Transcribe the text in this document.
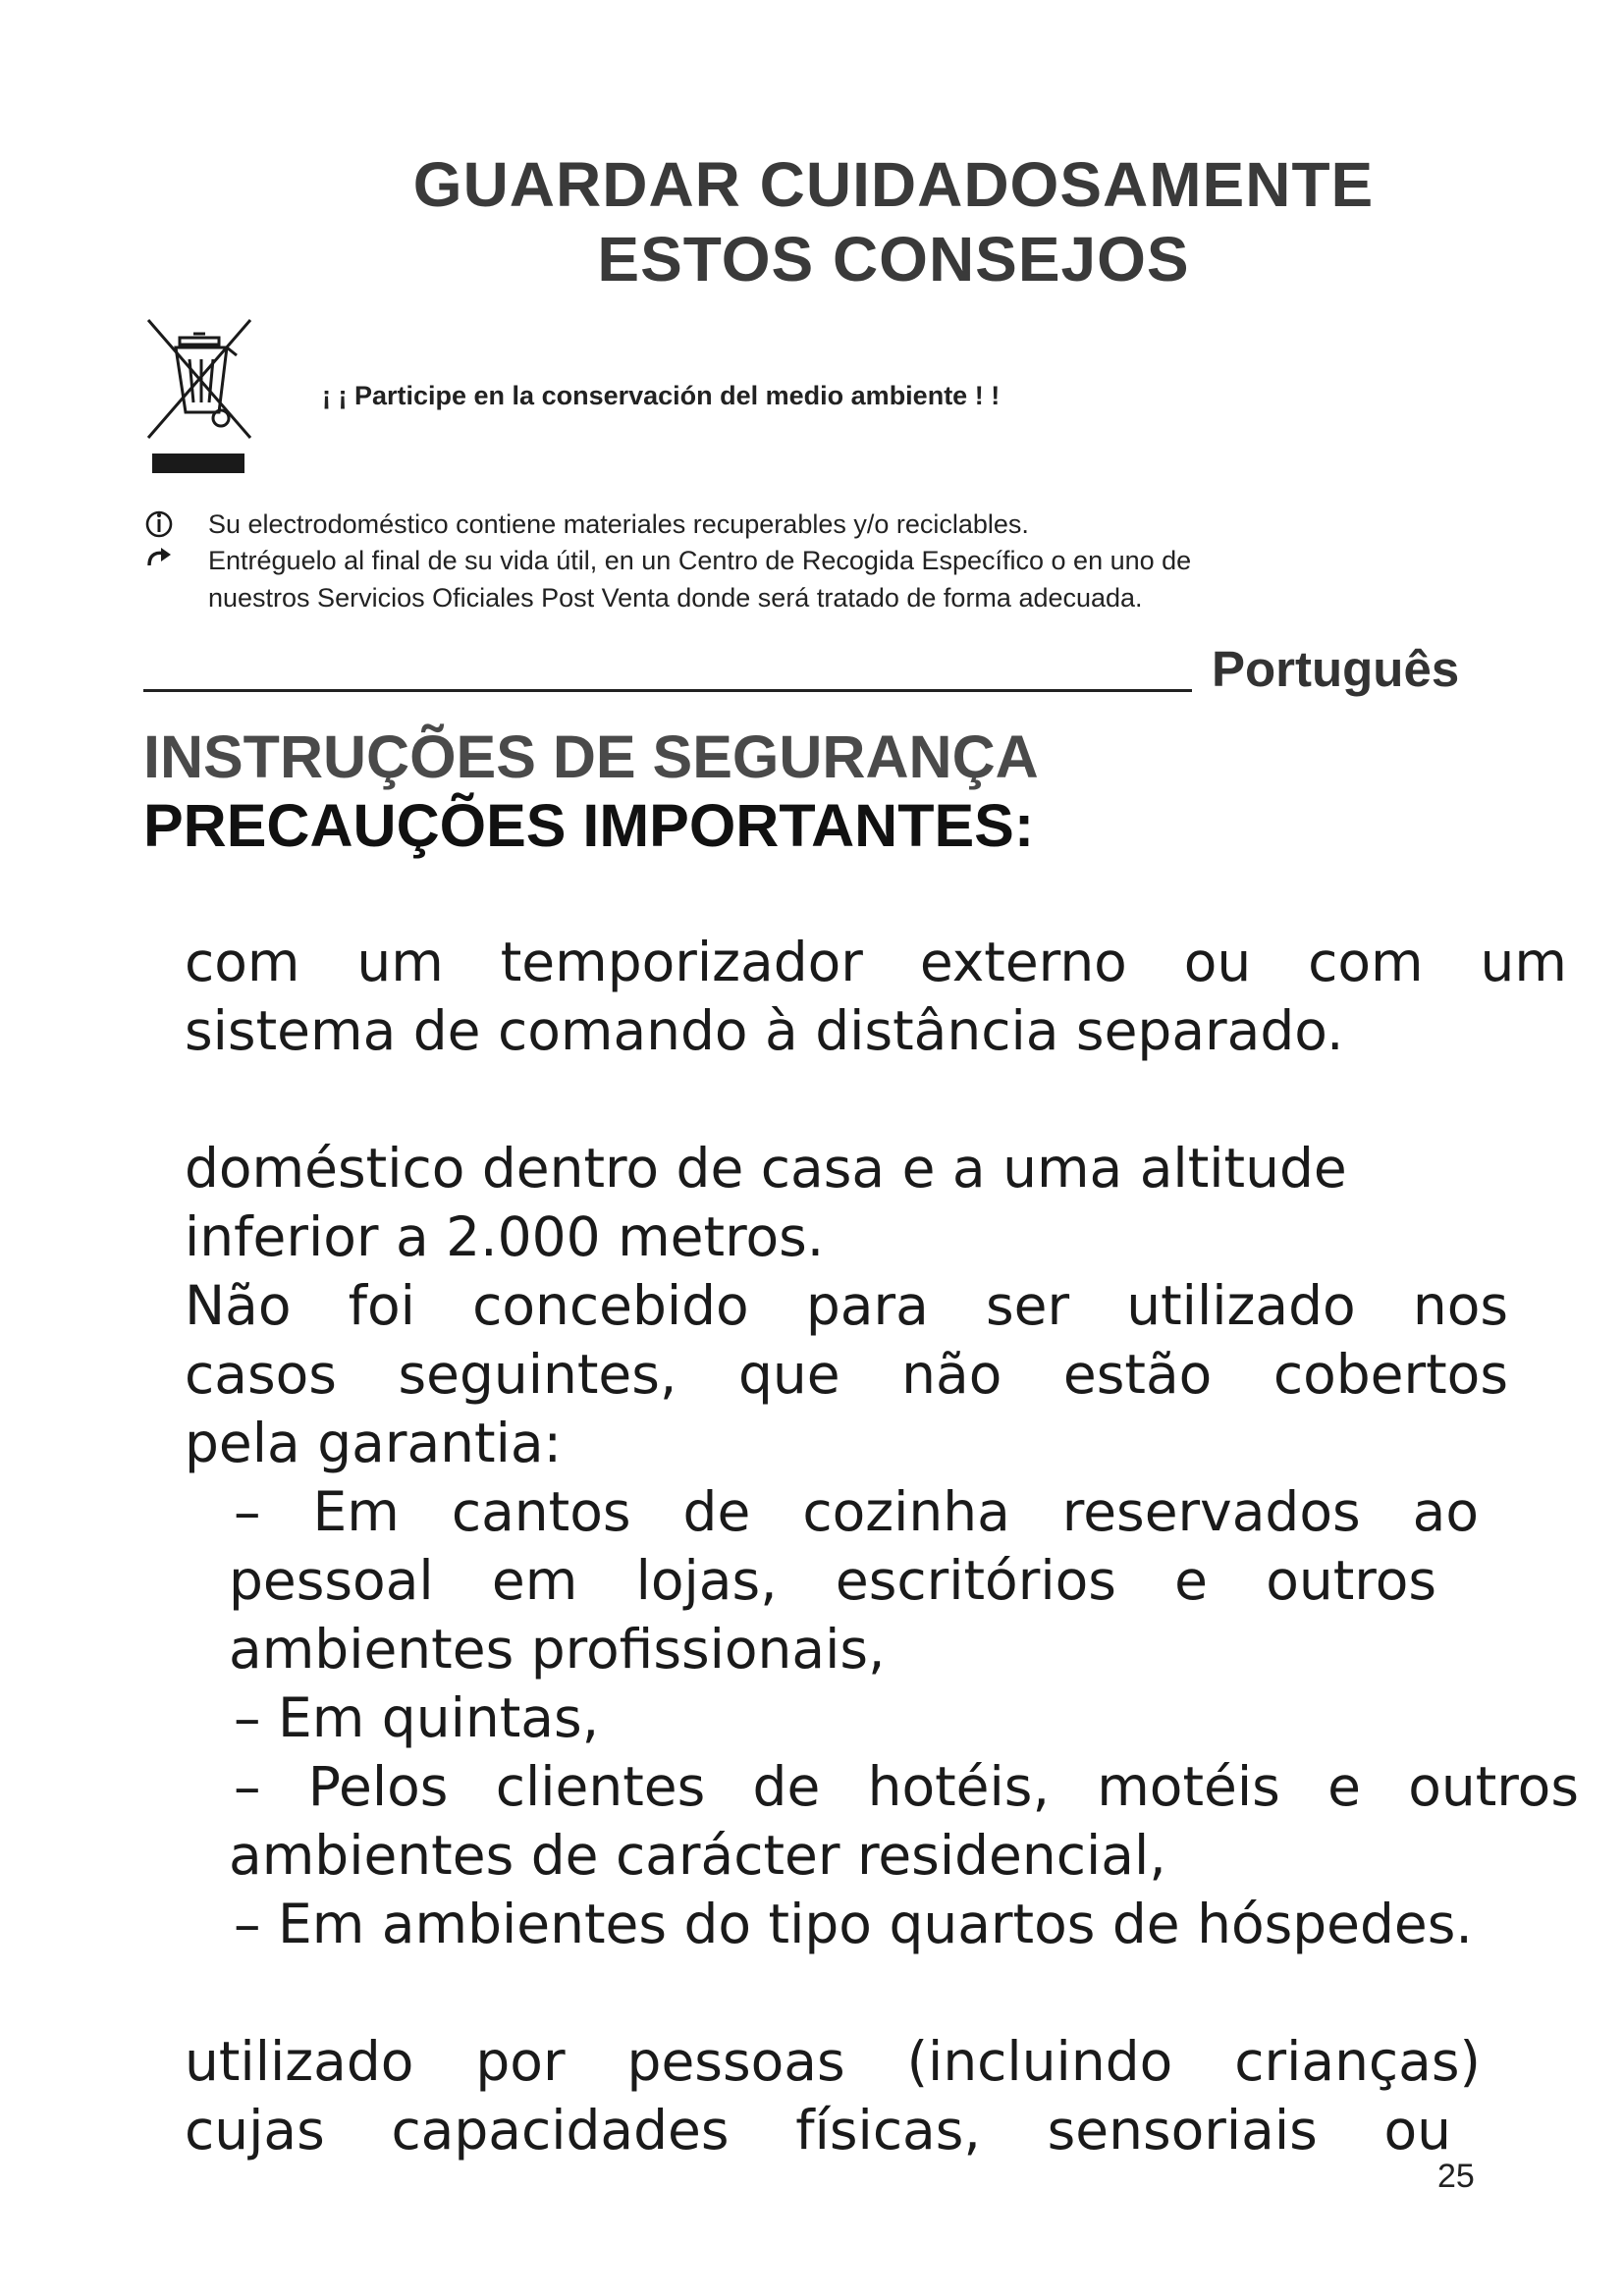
GUARDAR CUIDADOSAMENTE
ESTOS CONSEJOS
¡ ¡ Participe en la conservación del medio ambiente ! !
Su electrodoméstico contiene materiales recuperables y/o reciclables.
Entréguelo al final de su vida útil, en un Centro de Recogida Específico o en uno de
nuestros Servicios Oficiales Post Venta donde será tratado de forma adecuada.
Português
INSTRUÇÕES DE SEGURANÇA
PRECAUÇÕES IMPORTANTES:
com um temporizador externo ou com um
sistema de comando à distância separado.
doméstico dentro de casa e a uma altitude
inferior a 2.000 metros.
Não foi concebido para ser utilizado nos
casos seguintes, que não estão cobertos
pela garantia:
– Em cantos de cozinha reservados ao
pessoal em lojas, escritórios e outros
ambientes profissionais,
– Em quintas,
– Pelos clientes de hotéis, motéis e outros
ambientes de carácter residencial,
– Em ambientes do tipo quartos de hóspedes.
utilizado por pessoas (incluindo crianças)
cujas capacidades físicas, sensoriais ou
25
